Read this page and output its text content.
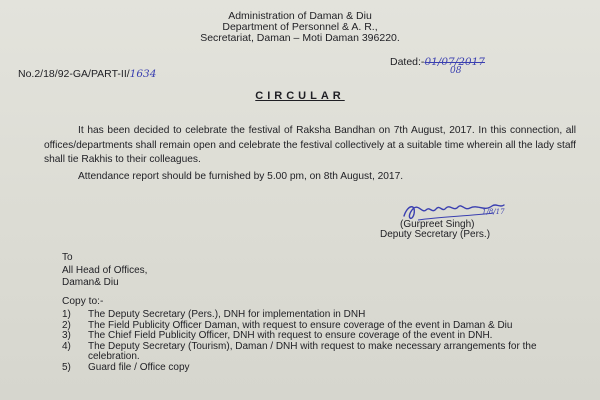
Administration of Daman & Diu
Department of Personnel & A. R.,
Secretariat, Daman – Moti Daman 396220.
Dated:-01/07/2017
08
No.2/18/92-GA/PART-II/1634
CIRCULAR
It has been decided to celebrate the festival of Raksha Bandhan on 7th August, 2017. In this connection, all offices/departments shall remain open and celebrate the festival collectively at a suitable time wherein all the lady staff shall tie Rakhis to their colleagues.
Attendance report should be furnished by 5.00 pm, on 8th August, 2017.
1/8/17
(Gurpreet Singh)
Deputy Secretary (Pers.)
To
All Head of Offices,
Daman& Diu
Copy to:-
1)	The Deputy Secretary (Pers.), DNH for implementation in DNH
2)	The Field Publicity Officer Daman, with request to ensure coverage of the event in Daman & Diu
3)	The Chief Field Publicity Officer, DNH with request to ensure coverage of the event in DNH.
4)	The Deputy Secretary (Tourism), Daman / DNH with request to make necessary arrangements for the celebration.
5)	Guard file / Office copy
